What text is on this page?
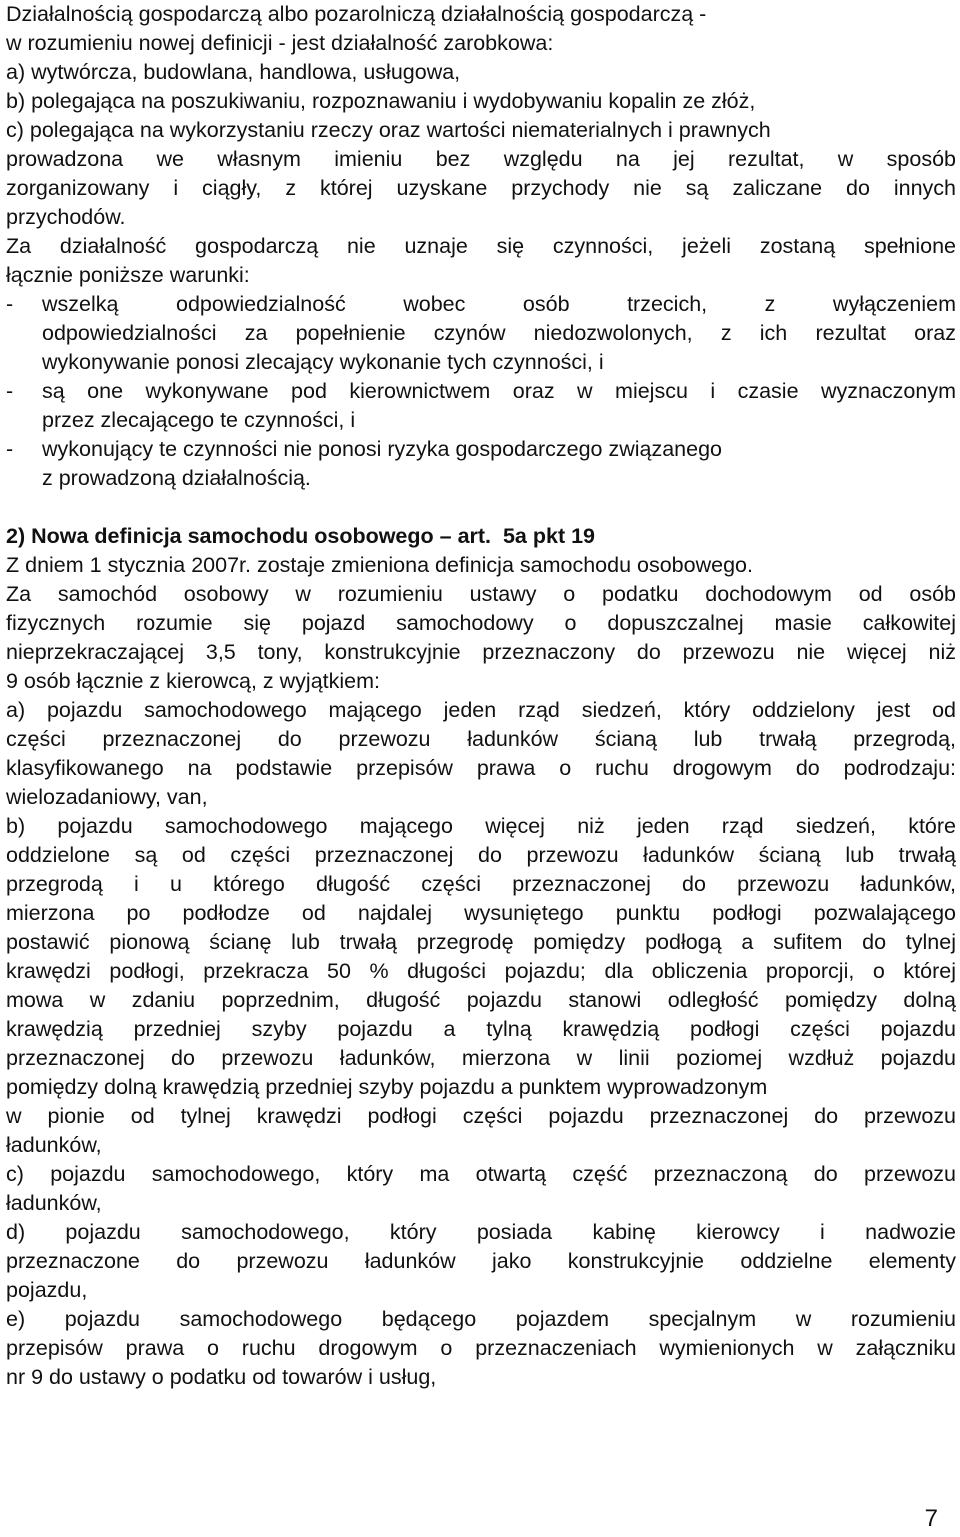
Działalnością gospodarczą albo pozarolniczą działalnością gospodarczą -
w rozumieniu nowej definicji - jest działalność zarobkowa:
a) wytwórcza, budowlana, handlowa, usługowa,
b) polegająca na poszukiwaniu, rozpoznawaniu i wydobywaniu kopalin ze złóż,
c) polegająca na wykorzystaniu rzeczy oraz wartości niematerialnych i prawnych
prowadzona we własnym imieniu bez względu na jej rezultat, w sposób
zorganizowany i ciągły, z której uzyskane przychody nie są zaliczane do innych
przychodów.
Za działalność gospodarczą nie uznaje się czynności, jeżeli zostaną spełnione
łącznie poniższe warunki:
-	wszelką odpowiedzialność wobec osób trzecich, z wyłączeniem
odpowiedzialności za popełnienie czynów niedozwolonych, z ich rezultat oraz
wykonywanie ponosi zlecający wykonanie tych czynności, i
-	są one wykonywane pod kierownictwem oraz w miejscu i czasie wyznaczonym
przez zlecającego te czynności, i
-	wykonujący te czynności nie ponosi ryzyka gospodarczego związanego
z prowadzoną działalnością.
2) Nowa definicja samochodu osobowego – art.  5a pkt 19
Z dniem 1 stycznia 2007r. zostaje zmieniona definicja samochodu osobowego.
Za samochód osobowy w rozumieniu ustawy o podatku dochodowym od osób
fizycznych rozumie się pojazd samochodowy o dopuszczalnej masie całkowitej
nieprzekraczającej 3,5 tony, konstrukcyjnie przeznaczony do przewozu nie więcej niż
9 osób łącznie z kierowcą, z wyjątkiem:
a) pojazdu samochodowego mającego jeden rząd siedzeń, który oddzielony jest od
części przeznaczonej do przewozu ładunków ścianą lub trwałą przegrodą,
klasyfikowanego na podstawie przepisów prawa o ruchu drogowym do podrodzaju:
wielozadaniowy, van,
b) pojazdu samochodowego mającego więcej niż jeden rząd siedzeń, które
oddzielone są od części przeznaczonej do przewozu ładunków ścianą lub trwałą
przegrodą i u którego długość części przeznaczonej do przewozu ładunków,
mierzona po podłodze od najdalej wysuniętego punktu podłogi pozwalającego
postawić pionową ścianę lub trwałą przegrodę pomiędzy podłogą a sufitem do tylnej
krawędzi podłogi, przekracza 50 % długości pojazdu; dla obliczenia proporcji, o której
mowa w zdaniu poprzednim, długość pojazdu stanowi odległość pomiędzy dolną
krawędzią przedniej szyby pojazdu a tylną krawędzią podłogi części pojazdu
przeznaczonej do przewozu ładunków, mierzona w linii poziomej wzdłuż pojazdu
pomiędzy dolną krawędzią przedniej szyby pojazdu a punktem wyprowadzonym
w pionie od tylnej krawędzi podłogi części pojazdu przeznaczonej do przewozu
ładunków,
c) pojazdu samochodowego, który ma otwartą część przeznaczoną do przewozu
ładunków,
d) pojazdu samochodowego, który posiada kabinę kierowcy i nadwozie
przeznaczone do przewozu ładunków jako konstrukcyjnie oddzielne elementy
pojazdu,
e) pojazdu samochodowego będącego pojazdem specjalnym w rozumieniu
przepisów prawa o ruchu drogowym o przeznaczeniach wymienionych w załączniku
nr 9 do ustawy o podatku od towarów i usług,
7
